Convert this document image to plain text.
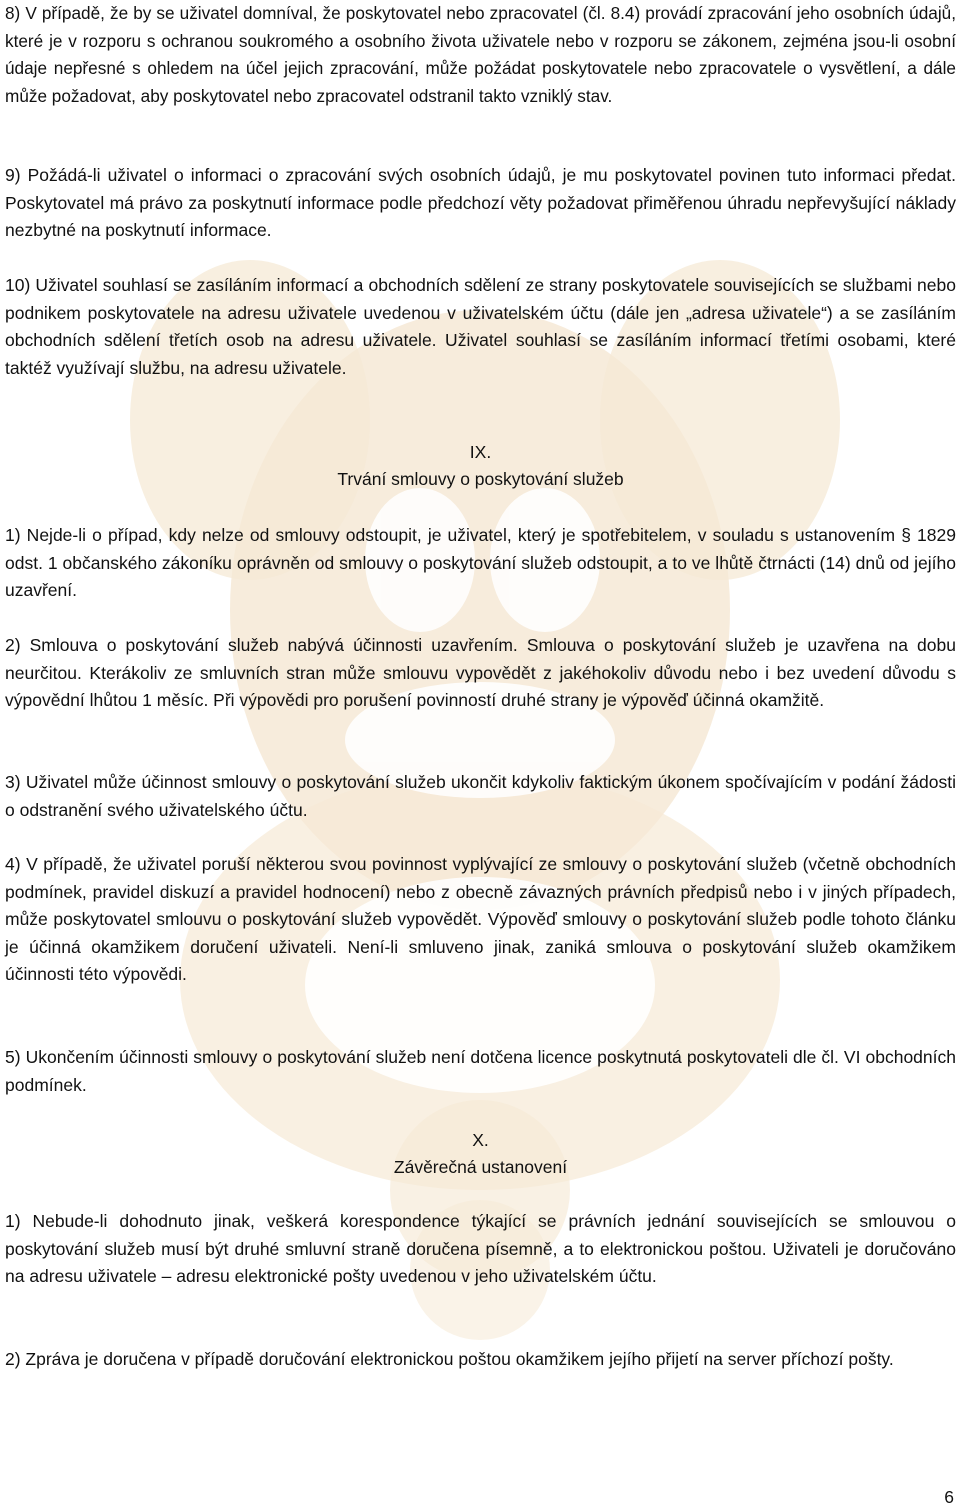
8) V případě, že by se uživatel domníval, že poskytovatel nebo zpracovatel (čl. 8.4) provádí zpracování jeho osobních údajů, které je v rozporu s ochranou soukromého a osobního života uživatele nebo v rozporu se zákonem, zejména jsou-li osobní údaje nepřesné s ohledem na účel jejich zpracování, může požádat poskytovatele nebo zpracovatele o vysvětlení, a dále může požadovat, aby poskytovatel nebo zpracovatel odstranil takto vzniklý stav.

9) Požádá-li uživatel o informaci o zpracování svých osobních údajů, je mu poskytovatel povinen tuto informaci předat. Poskytovatel má právo za poskytnutí informace podle předchozí věty požadovat přiměřenou úhradu nepřevyšující náklady nezbytné na poskytnutí informace.

10) Uživatel souhlasí se zasíláním informací a obchodních sdělení ze strany poskytovatele souvisejících se službami nebo podnikem poskytovatele na adresu uživatele uvedenou v uživatelském účtu (dále jen „adresa uživatele“) a se zasíláním obchodních sdělení třetích osob na adresu uživatele. Uživatel souhlasí se zasíláním informací třetími osobami, které taktéž využívají službu, na adresu uživatele.

IX.
Trvání smlouvy o poskytování služeb

1) Nejde-li o případ, kdy nelze od smlouvy odstoupit, je uživatel, který je spotřebitelem, v souladu s ustanovením § 1829 odst. 1 občanského zákoníku oprávněn od smlouvy o poskytování služeb odstoupit, a to ve lhůtě čtrnácti (14) dnů od jejího uzavření.

2) Smlouva o poskytování služeb nabývá účinnosti uzavřením. Smlouva o poskytování služeb je uzavřena na dobu neurčitou. Kterákoliv ze smluvních stran může smlouvu vypovědět z jakéhokoliv důvodu nebo i bez uvedení důvodu s výpovědní lhůtou 1 měsíc. Při výpovědi pro porušení povinností druhé strany je výpověď účinná okamžitě.

3) Uživatel může účinnost smlouvy o poskytování služeb ukončit kdykoliv faktickým úkonem spočívajícím v podání žádosti o odstranění svého uživatelského účtu.

4) V případě, že uživatel poruší některou svou povinnost vyplývající ze smlouvy o poskytování služeb (včetně obchodních podmínek, pravidel diskuzí a pravidel hodnocení) nebo z obecně závazných právních předpisů nebo i v jiných případech, může poskytovatel smlouvu o poskytování služeb vypovědět. Výpověď smlouvy o poskytování služeb podle tohoto článku je účinná okamžikem doručení uživateli. Není-li smluveno jinak, zaniká smlouva o poskytování služeb okamžikem účinnosti této výpovědi.

5) Ukončením účinnosti smlouvy o poskytování služeb není dotčena licence poskytnutá poskytovateli dle čl. VI obchodních podmínek.

X.
Závěrečná ustanovení

1) Nebude-li dohodnuto jinak, veškerá korespondence týkající se právních jednání souvisejících se smlouvou o poskytování služeb musí být druhé smluvní straně doručena písemně, a to elektronickou poštou. Uživateli je doručováno na adresu uživatele – adresu elektronické pošty uvedenou v jeho uživatelském účtu.

2) Zpráva je doručena v případě doručování elektronickou poštou okamžikem jejího přijetí na server příchozí pošty.

6
